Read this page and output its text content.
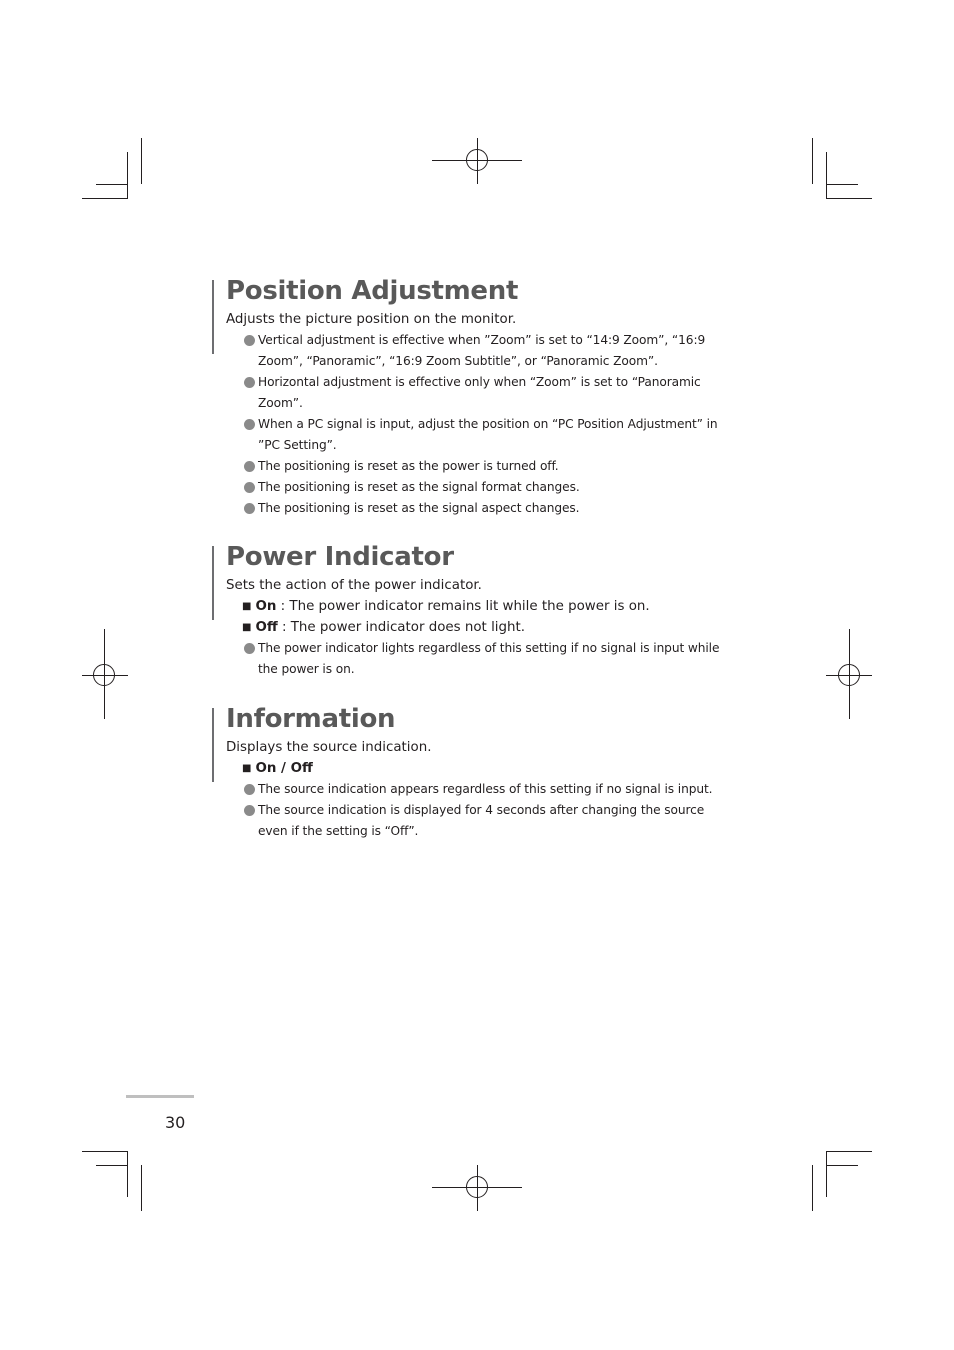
Position Adjustment
Adjusts the picture position on the monitor.
Vertical adjustment is effective when ”Zoom” is set to “14:9 Zoom”, “16:9 Zoom”, “Panoramic”, “16:9 Zoom Subtitle”, or “Panoramic Zoom”.
Horizontal adjustment is effective only when “Zoom” is set to “Panoramic Zoom”.
When a PC signal is input, adjust the position on “PC Position Adjustment” in ”PC Setting”.
The positioning is reset as the power is turned off.
The positioning is reset as the signal format changes.
The positioning is reset as the signal aspect changes.
Power Indicator
Sets the action of the power indicator.
■ On : The power indicator remains lit while the power is on.
■ Off : The power indicator does not light.
The power indicator lights regardless of this setting if no signal is input while the power is on.
Information
Displays the source indication.
■ On / Off
The source indication appears regardless of this setting if no signal is input.
The source indication is displayed for 4 seconds after changing the source even if the setting is “Off”.
30
